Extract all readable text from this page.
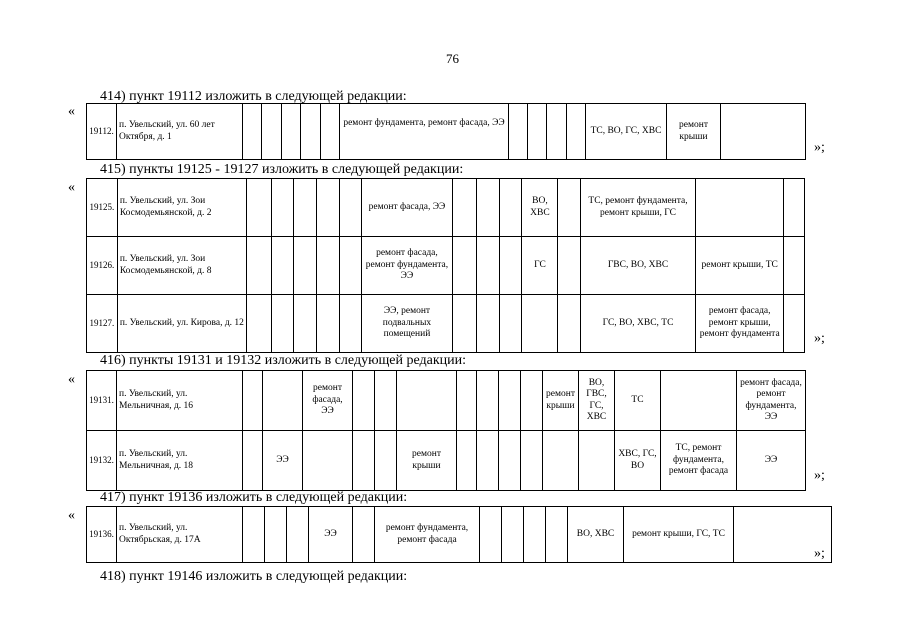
76
414) пункт 19112 изложить в следующей редакции:
«
19112.	п. Увельский, ул. 60 лет Октября, д. 1						ремонт фундамента, ремонт фасада, ЭЭ					ТС, ВО, ГС, ХВС	ремонт крыши	
»;
415) пункты 19125 - 19127 изложить в следующей редакции:
«
19125.	п. Увельский, ул. Зои Космодемьянской, д. 2						ремонт фасада, ЭЭ				ВО, ХВС		ТС, ремонт фундамента, ремонт крыши, ГС		
19126.	п. Увельский, ул. Зои Космодемьянской, д. 8						ремонт фасада, ремонт фундамента, ЭЭ				ГС		ГВС, ВО, ХВС	ремонт крыши, ТС	
19127.	п. Увельский, ул. Кирова, д. 12						ЭЭ, ремонт подвальных помещений						ГС, ВО, ХВС, ТС	ремонт фасада, ремонт крыши, ремонт фундамента	»;
416) пункты 19131 и 19132 изложить в следующей редакции:
«
19131.	п. Увельский, ул. Мельничная, д. 16			ремонт фасада, ЭЭ								ремонт крыши	ВО, ГВС, ГС, ХВС	ТС		ремонт фасада, ремонт фундамента, ЭЭ
19132.	п. Увельский, ул. Мельничная, д. 18		ЭЭ				ремонт крыши							ХВС, ГС, ВО	ТС, ремонт фундамента, ремонт фасада	ЭЭ
»;
417) пункт 19136 изложить в следующей редакции:
«
19136.	п. Увельский, ул. Октябрьская, д. 17А				ЭЭ		ремонт фундамента, ремонт фасада					ВО, ХВС	ремонт крыши, ГС, ТС	
»;
418) пункт 19146 изложить в следующей редакции:
